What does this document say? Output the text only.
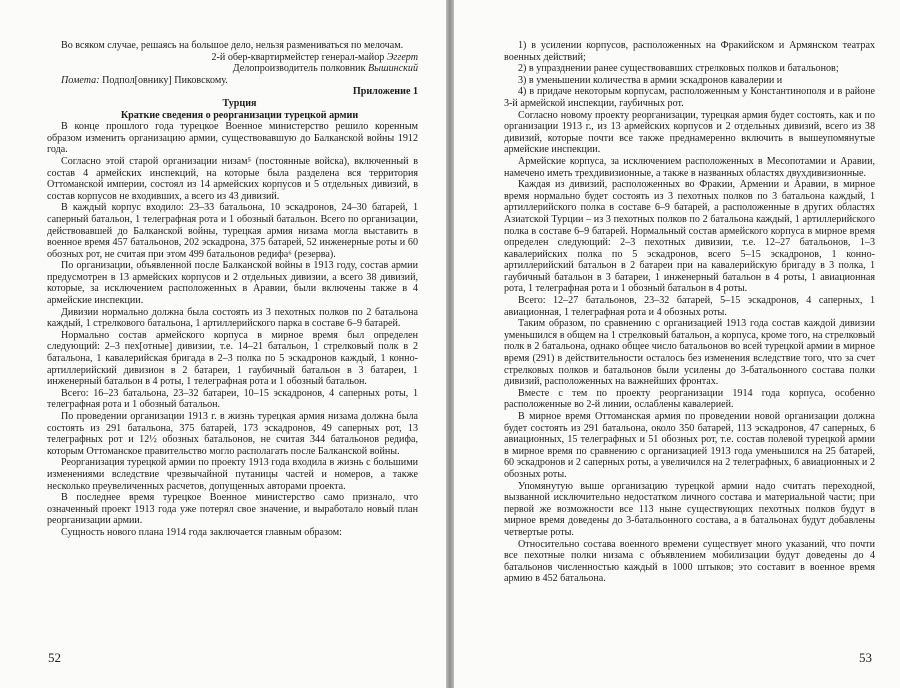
Во всяком случае, решаясь на большое дело, нельзя размениваться по мелочам.

2-й обер-квартирмейстер генерал-майор Эггерт

Делопроизводитель полковник Вышинский

Помета: Подпол[овнику] Пиковскому.

Приложение 1

Турция

Краткие сведения о реорганизации турецкой армии

В конце прошлого года турецкое Военное министерство решило коренным образом изменить организацию армии, существовавшую до Балканской войны 1912 года.

Согласно этой старой организации низам⁵ (постоянные войска), включенный в состав 4 армейских инспекций, на которые была разделена вся территория Оттоманской империи, состоял из 14 армейских корпусов и 5 отдельных дивизий, в состав корпусов не входивших, а всего из 43 дивизий.

В каждый корпус входило: 23–33 батальона, 10 эскадронов, 24–30 батарей, 1 саперный батальон, 1 телеграфная рота и 1 обозный батальон. Всего по организации, действовавшей до Балканской войны, турецкая армия низама могла выставить в военное время 457 батальонов, 202 эскадрона, 375 батарей, 52 инженерные роты и 60 обозных рот, не считая при этом 499 батальонов редифа⁶ (резерва).

По организации, объявленной после Балканской войны в 1913 году, состав армии предусмотрен в 13 армейских корпусов и 2 отдельных дивизии, а всего 38 дивизий, которые, за исключением расположенных в Аравии, были включены также в 4 армейские инспекции.

Дивизии нормально должна была состоять из 3 пехотных полков по 2 батальона каждый, 1 стрелкового батальона, 1 артиллерийского парка в составе 6–9 батарей.

Нормально состав армейского корпуса в мирное время был определен следующий: 2–3 пех[отные] дивизии, т.е. 14–21 батальон, 1 стрелковый полк в 2 батальона, 1 кавалерийская бригада в 2–3 полка по 5 эскадронов каждый, 1 конно-артиллерийский дивизион в 2 батареи, 1 гаубичный батальон в 3 батареи, 1 инженерный батальон в 4 роты, 1 телеграфная рота и 1 обозный батальон.

Всего: 16–23 батальона, 23–32 батареи, 10–15 эскадронов, 4 саперных роты, 1 телеграфная рота и 1 обозный батальон.

По проведении организации 1913 г. в жизнь турецкая армия низама должна была состоять из 291 батальона, 375 батарей, 173 эскадронов, 49 саперных рот, 13 телеграфных рот и 12½ обозных батальонов, не считая 344 батальонов редифа, которым Оттоманское правительство могло располагать после Балканской войны.

Реорганизация турецкой армии по проекту 1913 года входила в жизнь с большими изменениями вследствие чрезвычайной путаницы частей и номеров, а также несколько преувеличенных расчетов, допущенных авторами проекта.

В последнее время турецкое Военное министерство само признало, что означенный проект 1913 года уже потерял свое значение, и выработало новый план реорганизации армии.

Сущность нового плана 1914 года заключается главным образом:

52

1) в усилении корпусов, расположенных на Фракийском и Армянском театрах военных действий;

2) в упразднении ранее существовавших стрелковых полков и батальонов;

3) в уменьшении количества в армии эскадронов кавалерии и

4) в придаче некоторым корпусам, расположенным у Константинополя и в районе 3-й армейской инспекции, гаубичных рот.

Согласно новому проекту реорганизации, турецкая армия будет состоять, как и по организации 1913 г., из 13 армейских корпусов и 2 отдельных дивизий, всего из 38 дивизий, которые почти все также преднамеренно включить в вышеупомянутые армейские инспекции.

Армейские корпуса, за исключением расположенных в Месопотамии и Аравии, намечено иметь трехдивизионные, а также в названных областях двухдивизионные.

Каждая из дивизий, расположенных во Фракии, Армении и Аравии, в мирное время нормально будет состоять из 3 пехотных полков по 3 батальона каждый, 1 артиллерийского полка в составе 6–9 батарей, а расположенные в других областях Азиатской Турции – из 3 пехотных полков по 2 батальона каждый, 1 артиллерийского полка в составе 6–9 батарей. Нормальный состав армейского корпуса в мирное время определен следующий: 2–3 пехотных дивизии, т.е. 12–27 батальонов, 1–3 кавалерийских полка по 5 эскадронов, всего 5–15 эскадронов, 1 конно-артиллерийский батальон в 2 батареи при на кавалерийскую бригаду в 3 полка, 1 гаубичный батальон в 3 батареи, 1 инженерный батальон в 4 роты, 1 авиационная рота, 1 телеграфная рота и 1 обозный батальон в 4 роты.

Всего: 12–27 батальонов, 23–32 батарей, 5–15 эскадронов, 4 саперных, 1 авиационная, 1 телеграфная рота и 4 обозных роты.

Таким образом, по сравнению с организацией 1913 года состав каждой дивизии уменьшился в общем на 1 стрелковый батальон, а корпуса, кроме того, на стрелковый полк в 2 батальона, однако общее число батальонов во всей турецкой армии в мирное время (291) в действительности осталось без изменения вследствие того, что за счет стрелковых полков и батальонов были усилены до 3-батальонного состава полки дивизий, расположенных на важнейших фронтах.

Вместе с тем по проекту реорганизации 1914 года корпуса, особенно расположенные во 2-й линии, ослаблены кавалерией.

В мирное время Оттоманская армия по проведении новой организации должна будет состоять из 291 батальона, около 350 батарей, 113 эскадронов, 47 саперных, 6 авиационных, 15 телеграфных и 51 обозных рот, т.е. состав полевой турецкой армии в мирное время по сравнению с организацией 1913 года уменьшился на 25 батарей, 60 эскадронов и 2 саперных роты, а увеличился на 2 телеграфных, 6 авиационных и 2 обозных роты.

Упомянутую выше организацию турецкой армии надо считать переходной, вызванной исключительно недостатком личного состава и материальной части; при первой же возможности все 113 ныне существующих пехотных полков будут в мирное время доведены до 3-батальонного состава, а в батальонах будут добавлены четвертые роты.

Относительно состава военного времени существует много указаний, что почти все пехотные полки низама с объявлением мобилизации будут доведены до 4 батальонов численностью каждый в 1000 штыков; это составит в военное время армию в 452 батальона.

53
